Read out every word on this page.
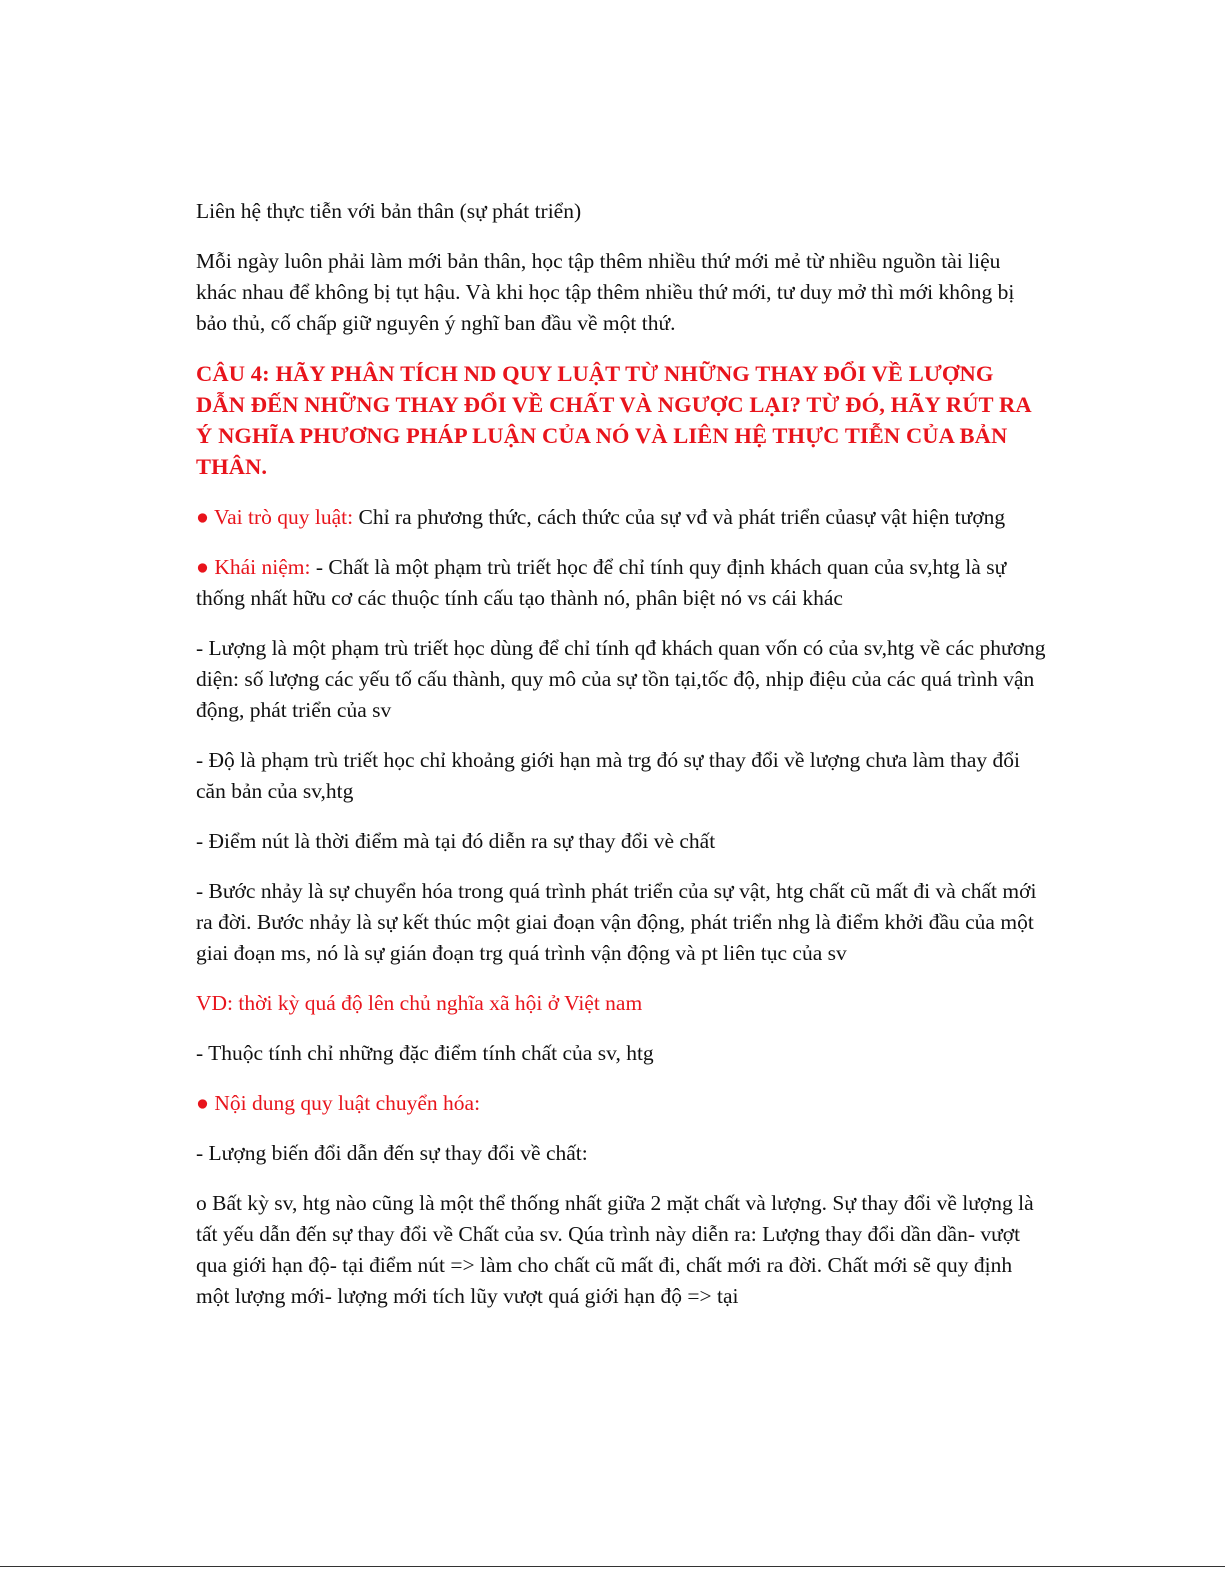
Liên hệ thực tiễn với bản thân (sự phát triển)

Mỗi ngày luôn phải làm mới bản thân, học tập thêm nhiều thứ mới mẻ từ nhiều nguồn tài liệu khác nhau để không bị tụt hậu. Và khi học tập thêm nhiều thứ mới, tư duy mở thì mới không bị bảo thủ, cố chấp giữ nguyên ý nghĩ ban đầu về một thứ.

CÂU 4: HÃY PHÂN TÍCH ND QUY LUẬT TỪ NHỮNG THAY ĐỔI VỀ LƯỢNG DẪN ĐẾN NHỮNG THAY ĐỔI VỀ CHẤT VÀ NGƯỢC LẠI? TỪ ĐÓ, HÃY RÚT RA Ý NGHĨA PHƯƠNG PHÁP LUẬN CỦA NÓ VÀ LIÊN HỆ THỰC TIỄN CỦA BẢN THÂN.

● Vai trò quy luật: Chỉ ra phương thức, cách thức của sự vđ và phát triển củasự vật hiện tượng

● Khái niệm: - Chất là một phạm trù triết học để chỉ tính quy định khách quan của sv,htg là sự thống nhất hữu cơ các thuộc tính cấu tạo thành nó, phân biệt nó vs cái khác

- Lượng là một phạm trù triết học dùng để chỉ tính qđ khách quan vốn có của sv,htg về các phương diện: số lượng các yếu tố cấu thành, quy mô của sự tồn tại,tốc độ, nhịp điệu của các quá trình vận động, phát triển của sv

- Độ là phạm trù triết học chỉ khoảng giới hạn mà trg đó sự thay đổi về lượng chưa làm thay đổi căn bản của sv,htg

- Điểm nút là thời điểm mà tại đó diễn ra sự thay đổi vè chất

- Bước nhảy là sự chuyển hóa trong quá trình phát triển của sự vật, htg chất cũ mất đi và chất mới ra đời. Bước nhảy là sự kết thúc một giai đoạn vận động, phát triển nhg là điểm khởi đầu của một giai đoạn ms, nó là sự gián đoạn trg quá trình vận động và pt liên tục của sv

VD: thời kỳ quá độ lên chủ nghĩa xã hội ở Việt nam

- Thuộc tính chỉ những đặc điểm tính chất của sv, htg

● Nội dung quy luật chuyển hóa:

- Lượng biến đổi dẫn đến sự thay đổi về chất:

o Bất kỳ sv, htg nào cũng là một thể thống nhất giữa 2 mặt chất và lượng. Sự thay đổi về lượng là tất yếu dẫn đến sự thay đổi về Chất của sv. Qúa trình này diễn ra: Lượng thay đổi dần dần- vượt qua giới hạn độ- tại điểm nút => làm cho chất cũ mất đi, chất mới ra đời. Chất mới sẽ quy định một lượng mới- lượng mới tích lũy vượt quá giới hạn độ => tại
